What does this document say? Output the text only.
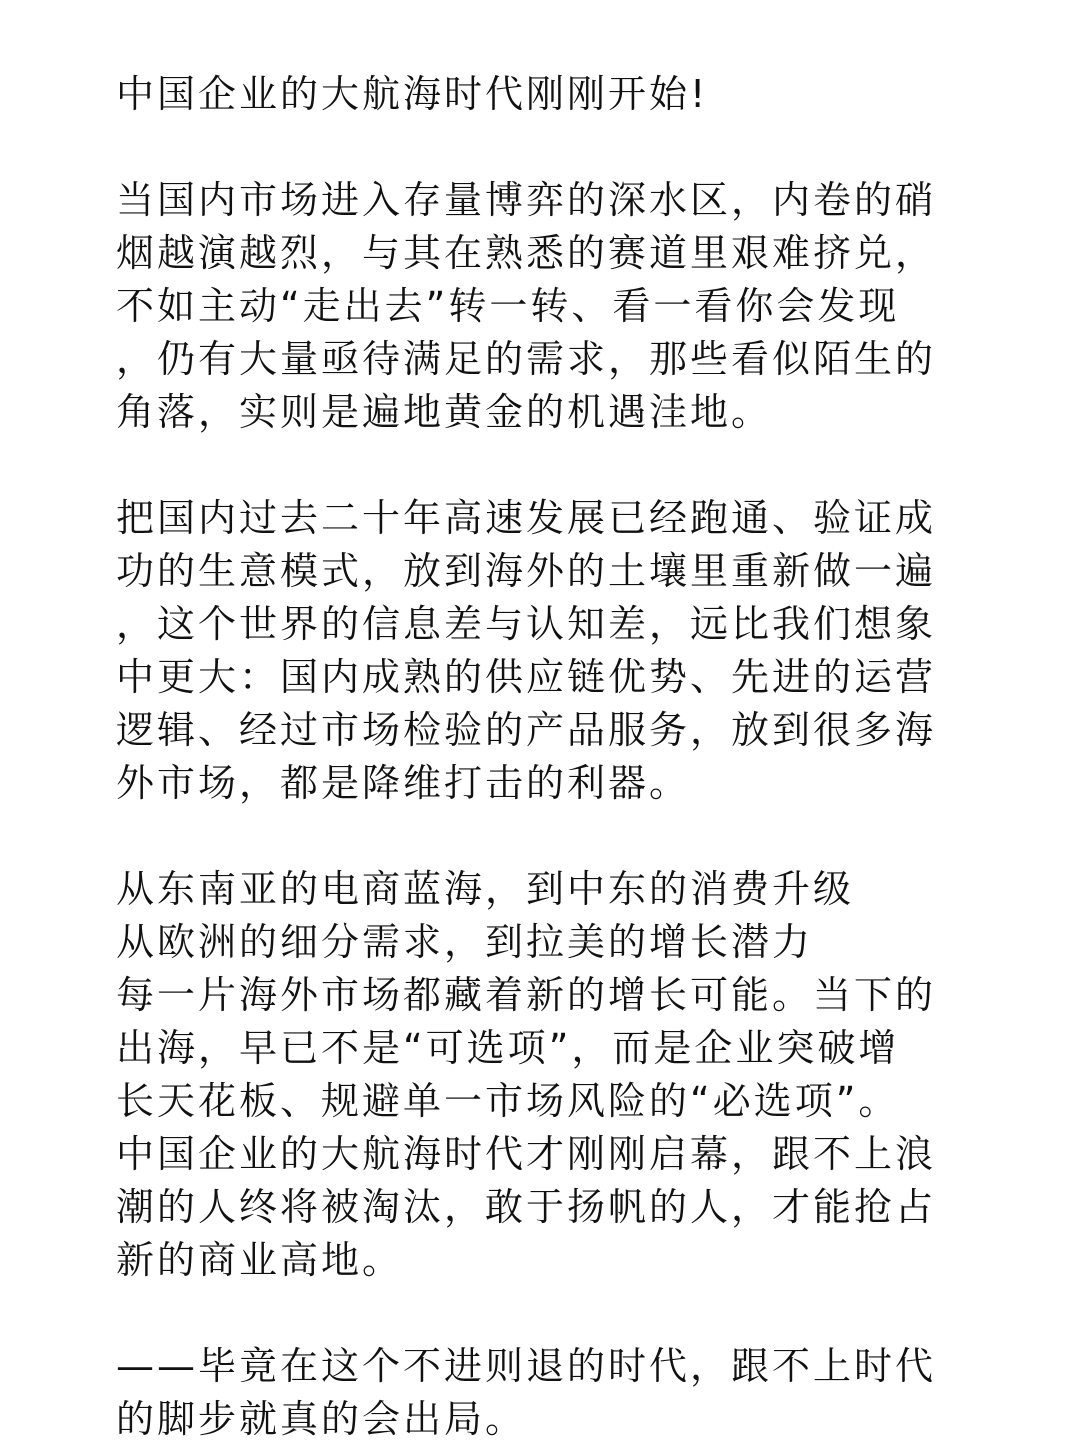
中国企业的大航海时代刚刚开始!
当国内市场进入存量博弈的深水区，内卷的硝
烟越演越烈，与其在熟悉的赛道里艰难挤兑，
不如主动“走出去”转一转、看一看你会发现
，仍有大量亟待满足的需求，那些看似陌生的
角落，实则是遍地黄金的机遇洼地。
把国内过去二十年高速发展已经跑通、验证成
功的生意模式，放到海外的土壤里重新做一遍
，这个世界的信息差与认知差，远比我们想象
中更大：国内成熟的供应链优势、先进的运营
逻辑、经过市场检验的产品服务，放到很多海
外市场，都是降维打击的利器。
从东南亚的电商蓝海，到中东的消费升级
从欧洲的细分需求，到拉美的增长潜力
每一片海外市场都藏着新的增长可能。当下的
出海，早已不是“可选项”，而是企业突破增
长天花板、规避单一市场风险的“必选项”。
中国企业的大航海时代才刚刚启幕，跟不上浪
潮的人终将被淘汰，敢于扬帆的人，才能抢占
新的商业高地。
——毕竟在这个不进则退的时代，跟不上时代
的脚步就真的会出局。
